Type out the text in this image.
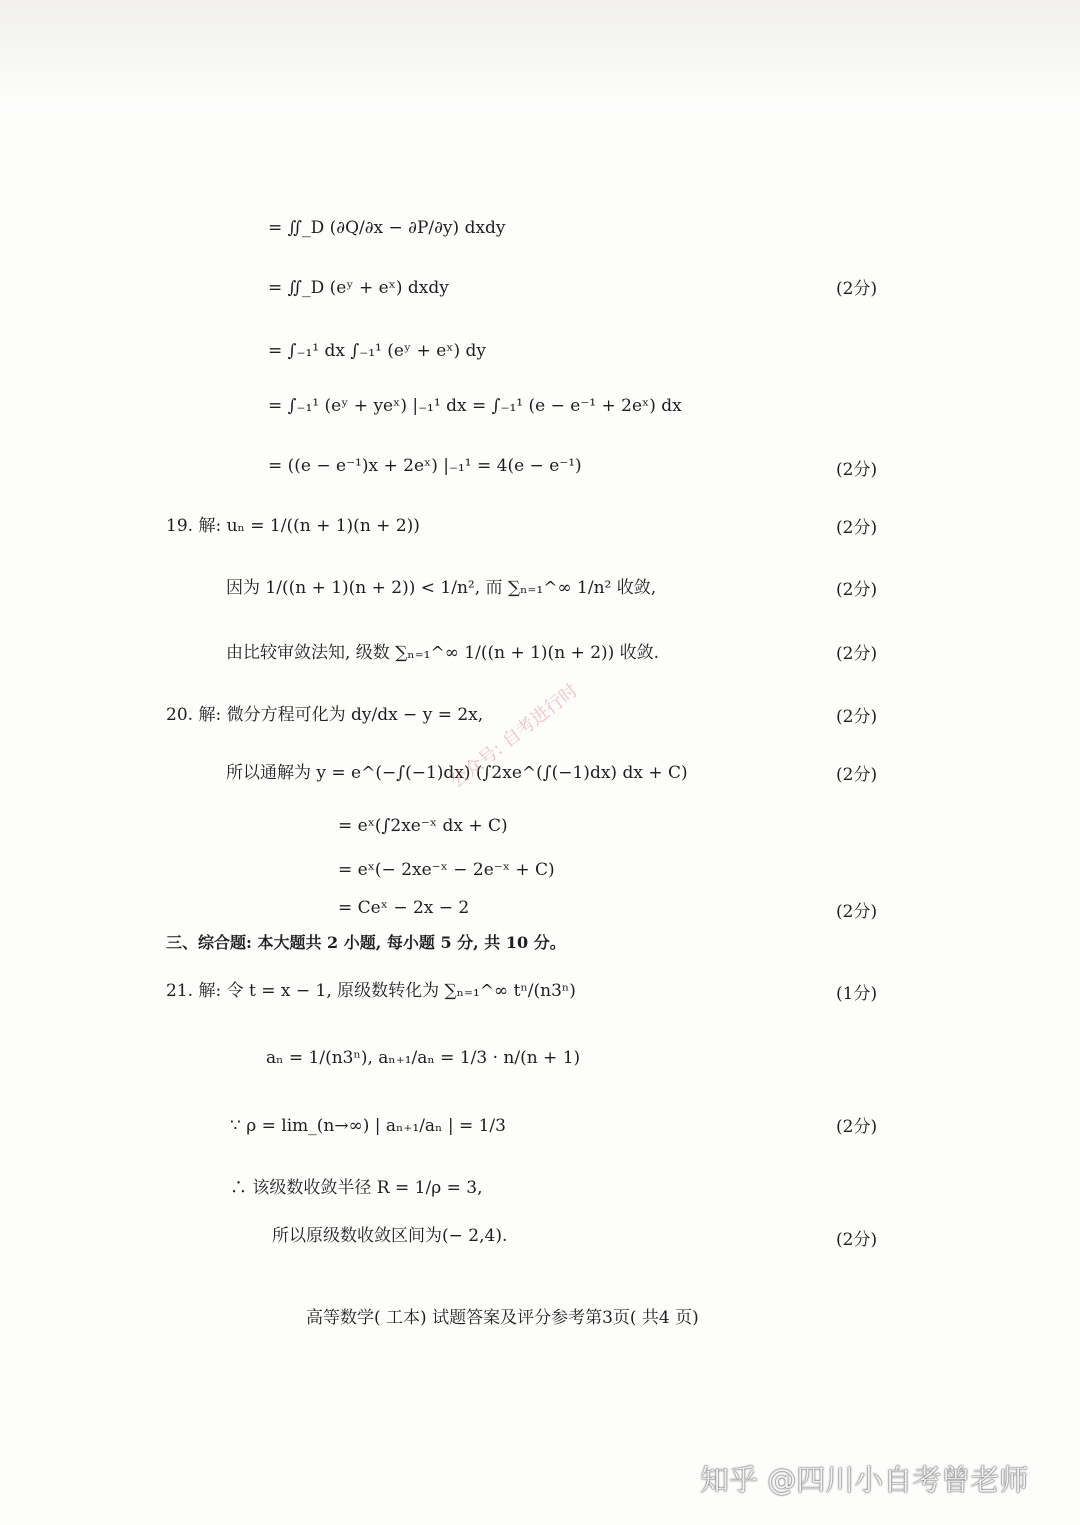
= ∬_D (∂Q/∂x − ∂P/∂y) dxdy
= ∬_D (eʸ + eˣ) dxdy	(2分)
= ∫₋₁¹ dx ∫₋₁¹ (eʸ + eˣ) dy
= ∫₋₁¹ (eʸ + yeˣ) |₋₁¹ dx = ∫₋₁¹ (e − e⁻¹ + 2eˣ) dx
= ((e − e⁻¹)x + 2eˣ) |₋₁¹ = 4(e − e⁻¹)	(2分)
19. 解: uₙ = 1/((n + 1)(n + 2))	(2分)
因为 1/((n + 1)(n + 2)) < 1/n², 而 ∑ₙ₌₁^∞ 1/n² 收敛,	(2分)
由比较审敛法知, 级数 ∑ₙ₌₁^∞ 1/((n + 1)(n + 2)) 收敛.	(2分)
20. 解: 微分方程可化为 dy/dx − y = 2x,	(2分)
所以通解为 y = e^(−∫(−1)dx) (∫2xe^(∫(−1)dx) dx + C)	(2分)
= eˣ(∫2xe⁻ˣ dx + C)
= eˣ(− 2xe⁻ˣ − 2e⁻ˣ + C)
= Ceˣ − 2x − 2	(2分)
三、综合题: 本大题共 2 小题, 每小题 5 分, 共 10 分。
21. 解: 令 t = x − 1, 原级数转化为 ∑ₙ₌₁^∞ tⁿ/(n3ⁿ)	(1分)
aₙ = 1/(n3ⁿ), aₙ₊₁/aₙ = 1/3 · n/(n + 1)
∵ ρ = lim_(n→∞) | aₙ₊₁/aₙ | = 1/3	(2分)
∴ 该级数收敛半径 R = 1/ρ = 3,
所以原级数收敛区间为(− 2,4).	(2分)
高等数学( 工本) 试题答案及评分参考第3页( 共4 页)
公众号: 自考进行时
知乎 @四川小自考曾老师
